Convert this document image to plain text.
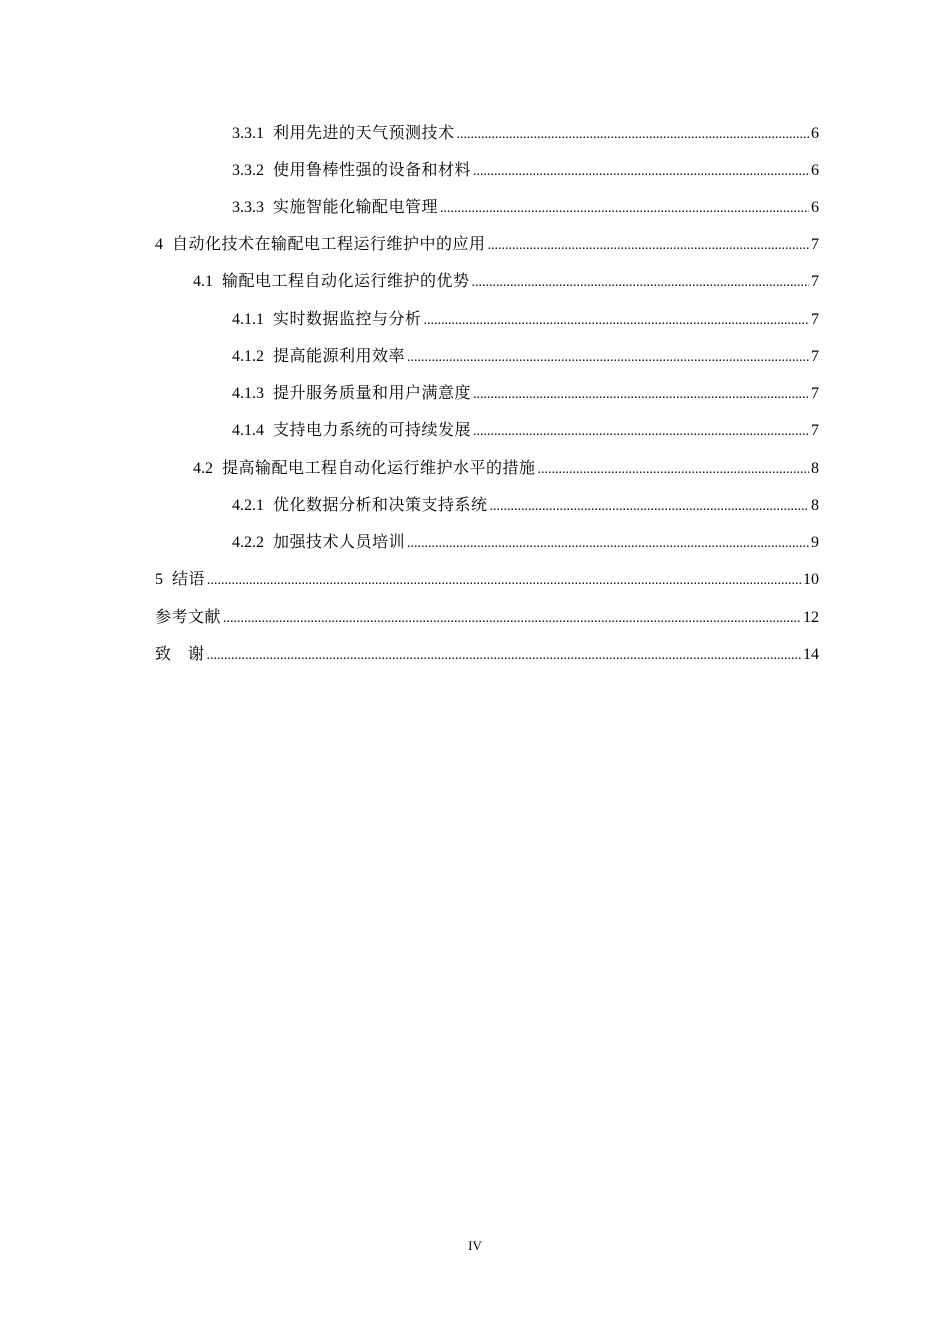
3.3.1 利用先进的天气预测技术 .....	6
3.3.2 使用鲁棒性强的设备和材料 .....	6
3.3.3 实施智能化输配电管理 .....	6
4 自动化技术在输配电工程运行维护中的应用 .....	7
4.1 输配电工程自动化运行维护的优势 .....	7
4.1.1 实时数据监控与分析 .....	7
4.1.2 提高能源利用效率 .....	7
4.1.3 提升服务质量和用户满意度 .....	7
4.1.4 支持电力系统的可持续发展 .....	7
4.2 提高输配电工程自动化运行维护水平的措施 .....	8
4.2.1 优化数据分析和决策支持系统 .....	8
4.2.2 加强技术人员培训 .....	9
5 结语 .....	10
参考文献 .....	12
致　谢 .....	14
IV
